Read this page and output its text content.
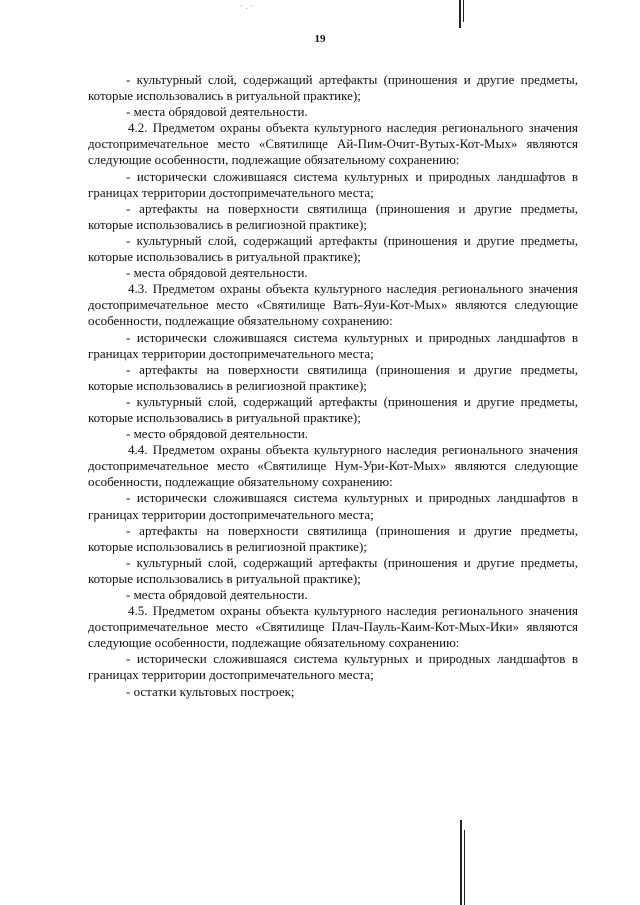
· . ·
19

- культурный слой, содержащий артефакты (приношения и другие предметы, которые использовались в ритуальной практике);

- места обрядовой деятельности.

4.2. Предметом охраны объекта культурного наследия регионального значения достопримечательное место «Святилище Ай-Пим-Очит-Вутых-Кот-Мых» являются следующие особенности, подлежащие обязательному сохранению:

- исторически сложившаяся система культурных и природных ландшафтов в границах территории достопримечательного места;

- артефакты на поверхности святилища (приношения и другие предметы, которые использовались в религиозной практике);

- культурный слой, содержащий артефакты (приношения и другие предметы, которые использовались в ритуальной практике);

- места обрядовой деятельности.

4.3. Предметом охраны объекта культурного наследия регионального значения достопримечательное место «Святилище Вать-Яуи-Кот-Мых» являются следующие особенности, подлежащие обязательному сохранению:

- исторически сложившаяся система культурных и природных ландшафтов в границах территории достопримечательного места;

- артефакты на поверхности святилища (приношения и другие предметы, которые использовались в религиозной практике);

- культурный слой, содержащий артефакты (приношения и другие предметы, которые использовались в ритуальной практике);

- место обрядовой деятельности.

4.4. Предметом охраны объекта культурного наследия регионального значения достопримечательное место «Святилище Нум-Ури-Кот-Мых» являются следующие особенности, подлежащие обязательному сохранению:

- исторически сложившаяся система культурных и природных ландшафтов в границах территории достопримечательного места;

- артефакты на поверхности святилища (приношения и другие предметы, которые использовались в религиозной практике);

- культурный слой, содержащий артефакты (приношения и другие предметы, которые использовались в ритуальной практике);

- места обрядовой деятельности.

4.5. Предметом охраны объекта культурного наследия регионального значения достопримечательное место «Святилище Плач-Пауль-Каим-Кот-Мых-Ики» являются следующие особенности, подлежащие обязательному сохранению:

- исторически сложившаяся система культурных и природных ландшафтов в границах территории достопримечательного места;

- остатки культовых построек;
